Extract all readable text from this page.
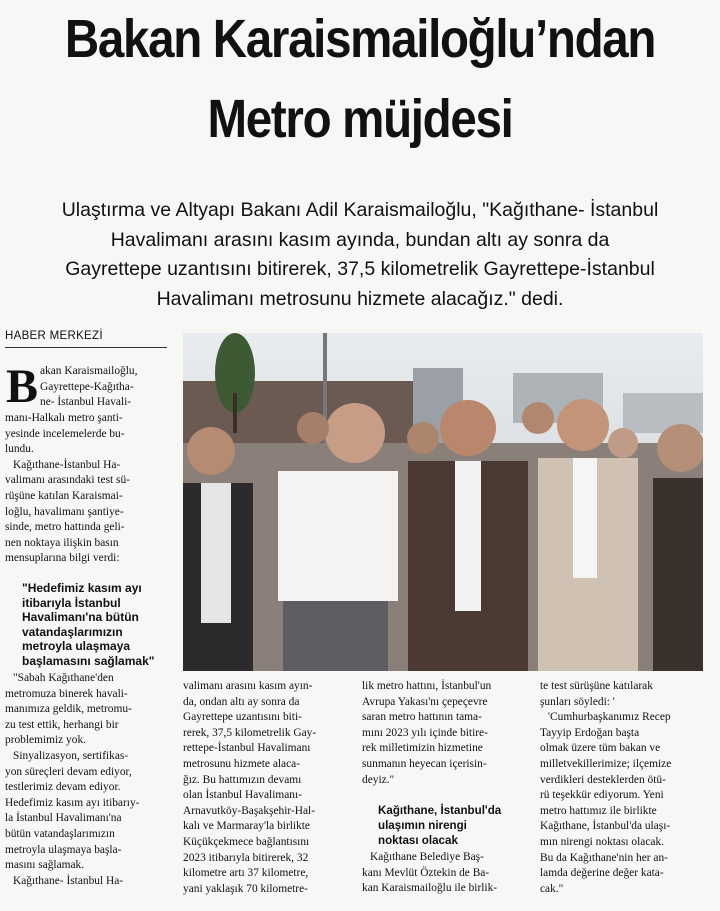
Bakan Karaismailoğlu’ndan
Metro müjdesi
Ulaştırma ve Altyapı Bakanı Adil Karaismailoğlu, "Kağıthane- İstanbul
Havalimanı arasını kasım ayında, bundan altı ay sonra da
Gayrettepe uzantısını bitirerek, 37,5 kilometrelik Gayrettepe-İstanbul
Havalimanı metrosunu hizmete alacağız." dedi.
HABER MERKEZİ
B akan Karaismailoğlu,
Gayrettepe-Kağıtha-
ne- İstanbul Havali-
manı-Halkalı metro şanti-
yesinde incelemelerde bu-
lundu.
Kağıthane-İstanbul Ha-
valimanı arasındaki test sü-
rüşüne katılan Karaismai-
loğlu, havalimanı şantiye-
sinde, metro hattında geli-
nen noktaya ilişkin basın
mensuplarına bilgi verdi:
"Hedefimiz kasım ayı
itibarıyla İstanbul
Havalimanı'na bütün
vatandaşlarımızın
metroyla ulaşmaya
başlamasını sağlamak"
"Sabah Kağıthane'den
metromuza binerek havali-
manımıza geldik, metromu-
zu test ettik, herhangi bir
problemimiz yok.
Sinyalizasyon, sertifikas-
yon süreçleri devam ediyor,
testlerimiz devam ediyor.
Hedefimiz kasım ayı itibarıy-
la İstanbul Havalimanı'na
bütün vatandaşlarımızın
metroyla ulaşmaya başla-
masını sağlamak.
Kağıthane- İstanbul Ha-
valimanı arasını kasım ayın-
da, ondan altı ay sonra da
Gayrettepe uzantısını biti-
rerek, 37,5 kilometrelik Gay-
rettepe-İstanbul Havalimanı
metrosunu hizmete alaca-
ğız. Bu hattımızın devamı
olan İstanbul Havalimanı-
Arnavutköy-Başakşehir-Hal-
kalı ve Marmaray'la birlikte
Küçükçekmece bağlantısını
2023 itibarıyla bitirerek, 32
kilometre artı 37 kilometre,
yani yaklaşık 70 kilometre-
lik metro hattını, İstanbul'un
Avrupa Yakası'nı çepeçevre
saran metro hattının tama-
mını 2023 yılı içinde bitire-
rek milletimizin hizmetine
sunmanın heyecan içerisin-
deyiz."
Kağıthane, İstanbul'da
ulaşımın nirengi
noktası olacak
Kağıthane Belediye Baş-
kanı Mevlüt Öztekin de Ba-
kan Karaismailoğlu ile birlik-
te test sürüşüne katılarak
şunları söyledi: '
'Cumhurbaşkanımız Recep
Tayyip Erdoğan başta
olmak üzere tüm bakan ve
milletvekillerimize; ilçemize
verdikleri desteklerden ötü-
rü teşekkür ediyorum. Yeni
metro hattımız ile birlikte
Kağıthane, İstanbul'da ulaşı-
mın nirengi noktası olacak.
Bu da Kağıthane'nin her an-
lamda değerine değer kata-
cak."
